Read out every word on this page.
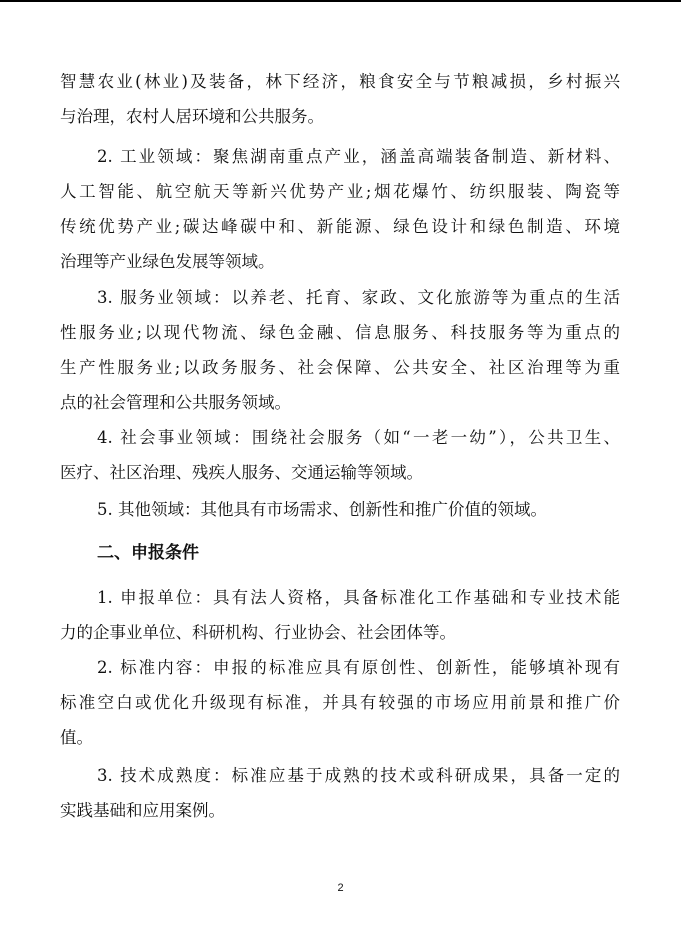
智慧农业(林业)及装备，林下经济，粮食安全与节粮减损，乡村振兴
与治理，农村人居环境和公共服务。
2. 工业领域：聚焦湖南重点产业，涵盖高端装备制造、新材料、
人工智能、航空航天等新兴优势产业;烟花爆竹、纺织服装、陶瓷等
传统优势产业;碳达峰碳中和、新能源、绿色设计和绿色制造、环境
治理等产业绿色发展等领域。
3. 服务业领域：以养老、托育、家政、文化旅游等为重点的生活
性服务业;以现代物流、绿色金融、信息服务、科技服务等为重点的
生产性服务业;以政务服务、社会保障、公共安全、社区治理等为重
点的社会管理和公共服务领域。
4. 社会事业领域：围绕社会服务（如“一老一幼”），公共卫生、
医疗、社区治理、残疾人服务、交通运输等领域。
5. 其他领域：其他具有市场需求、创新性和推广价值的领域。
二、申报条件
1. 申报单位：具有法人资格，具备标准化工作基础和专业技术能
力的企事业单位、科研机构、行业协会、社会团体等。
2. 标准内容：申报的标准应具有原创性、创新性，能够填补现有
标准空白或优化升级现有标准，并具有较强的市场应用前景和推广价
值。
3. 技术成熟度：标准应基于成熟的技术或科研成果，具备一定的
实践基础和应用案例。
2
